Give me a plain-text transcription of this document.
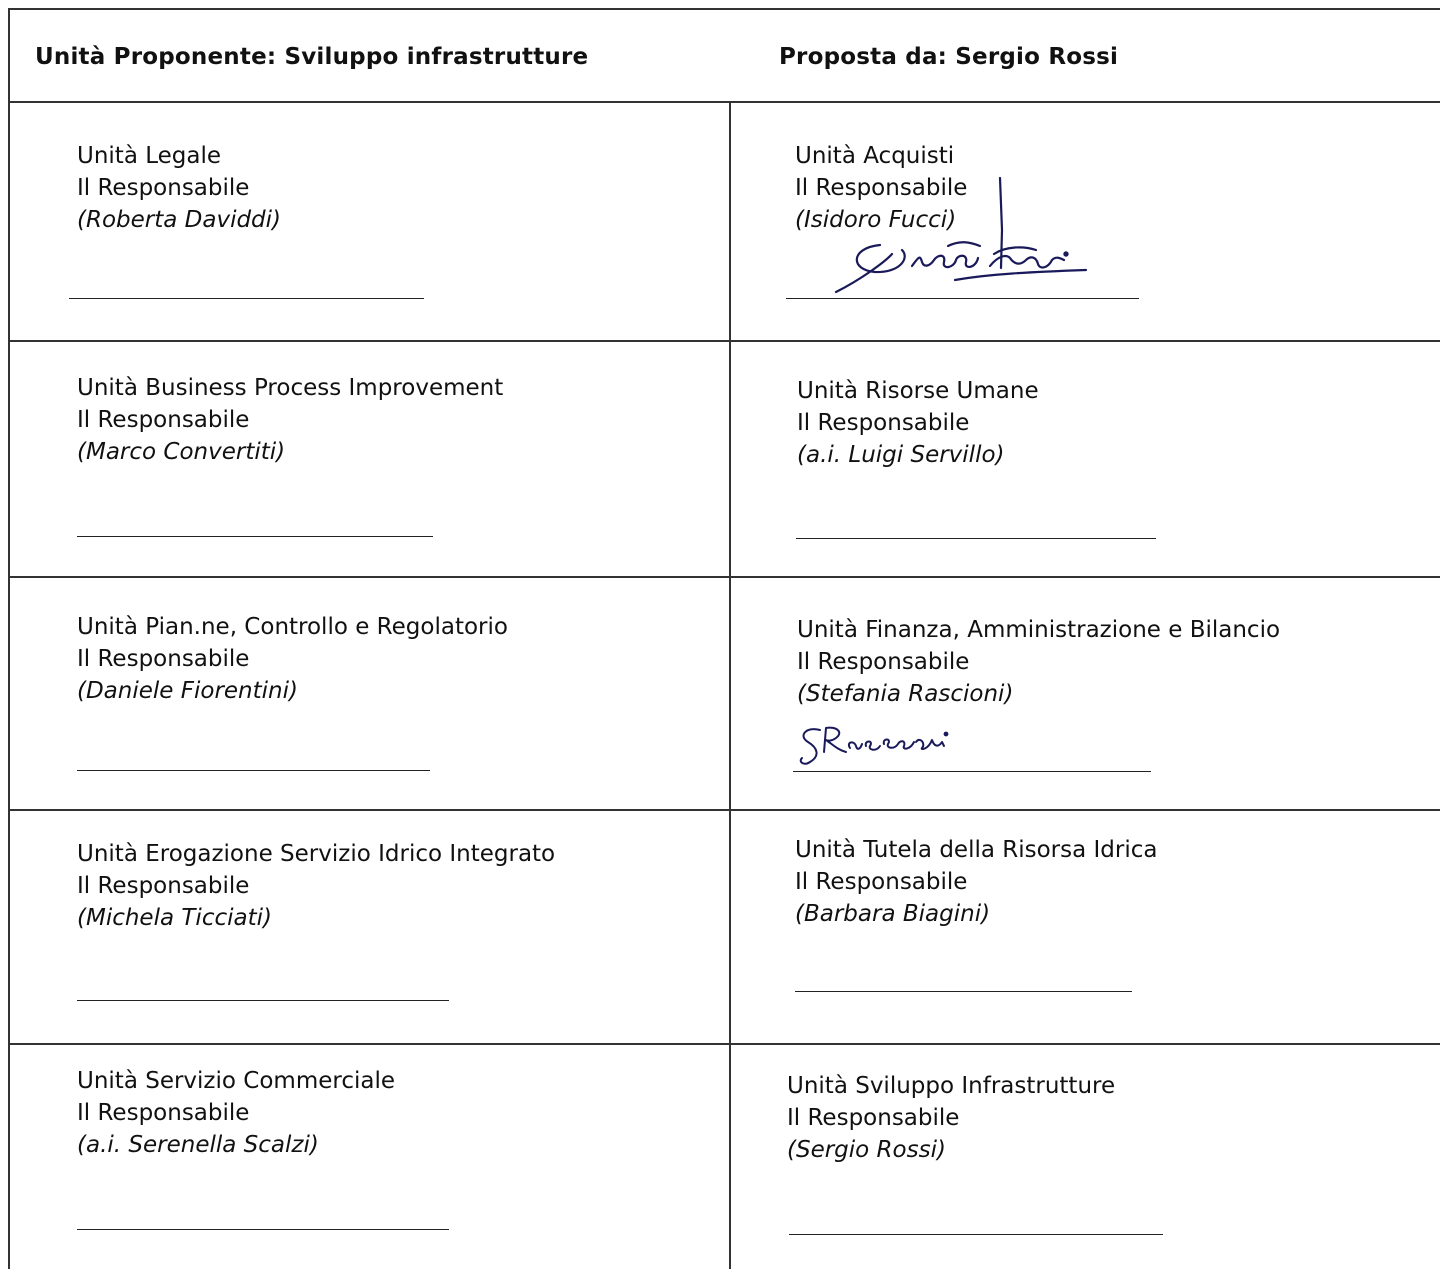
Unità Proponente: Sviluppo infrastrutture	Proposta da: Sergio Rossi
Unità Legale
Il Responsabile
(Roberta Daviddi)
Unità Acquisti
Il Responsabile
(Isidoro Fucci)
Unità Business Process Improvement
Il Responsabile
(Marco Convertiti)
Unità Risorse Umane
Il Responsabile
(a.i. Luigi Servillo)
Unità Pian.ne, Controllo e Regolatorio
Il Responsabile
(Daniele Fiorentini)
Unità Finanza, Amministrazione e Bilancio
Il Responsabile
(Stefania Rascioni)
Unità Erogazione Servizio Idrico Integrato
Il Responsabile
(Michela Ticciati)
Unità Tutela della Risorsa Idrica
Il Responsabile
(Barbara Biagini)
Unità Servizio Commerciale
Il Responsabile
(a.i. Serenella Scalzi)
Unità Sviluppo Infrastrutture
Il Responsabile
(Sergio Rossi)
